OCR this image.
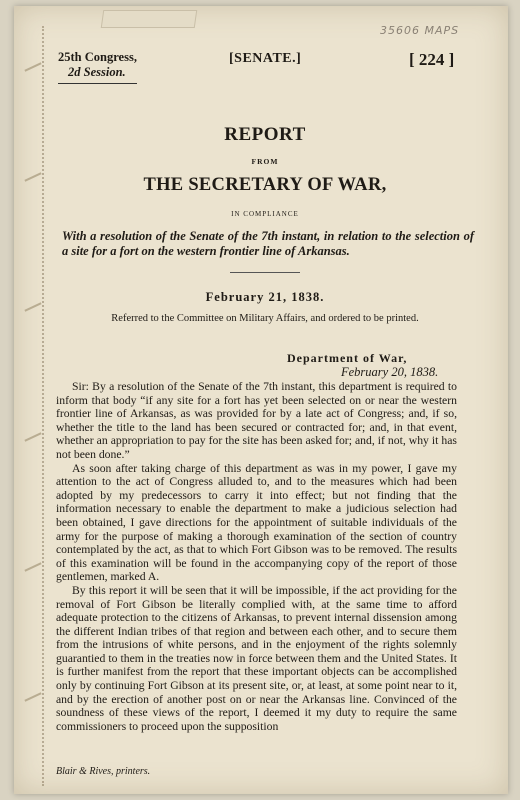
35606 MAPS
25th Congress,
2d Session.
[SENATE.]	[ 224 ]
REPORT
FROM
THE SECRETARY OF WAR,
IN COMPLIANCE
With a resolution of the Senate of the 7th instant, in relation to the selection of a site for a fort on the western frontier line of Arkansas.
February 21, 1838.
Referred to the Committee on Military Affairs, and ordered to be printed.
Department of War,
February 20, 1838.

Sir: By a resolution of the Senate of the 7th instant, this department is required to inform that body “if any site for a fort has yet been selected on or near the western frontier line of Arkansas, as was provided for by a late act of Congress; and, if so, whether the title to the land has been secured or contracted for; and, in that event, whether an appropriation to pay for the site has been asked for; and, if not, why it has not been done.”

As soon after taking charge of this department as was in my power, I gave my attention to the act of Congress alluded to, and to the measures which had been adopted by my predecessors to carry it into effect; but not finding that the information necessary to enable the department to make a judicious selection had been obtained, I gave directions for the appointment of suitable individuals of the army for the purpose of making a thorough examination of the section of country contemplated by the act, as that to which Fort Gibson was to be removed. The results of this examination will be found in the accompanying copy of the report of those gentlemen, marked A.

By this report it will be seen that it will be impossible, if the act providing for the removal of Fort Gibson be literally complied with, at the same time to afford adequate protection to the citizens of Arkansas, to prevent internal dissension among the different Indian tribes of that region and between each other, and to secure them from the intrusions of white persons, and in the enjoyment of the rights solemnly guarantied to them in the treaties now in force between them and the United States. It is further manifest from the report that these important objects can be accomplished only by continuing Fort Gibson at its present site, or, at least, at some point near to it, and by the erection of another post on or near the Arkansas line. Convinced of the soundness of these views of the report, I deemed it my duty to require the same commissioners to proceed upon the supposition

Blair & Rives, printers.
